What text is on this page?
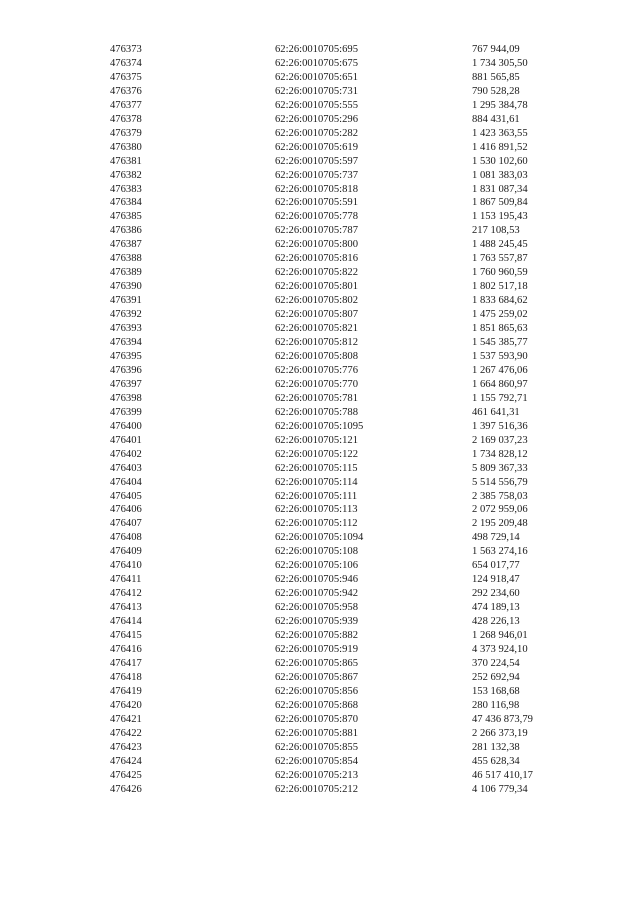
476373	62:26:0010705:695	767 944,09
476374	62:26:0010705:675	1 734 305,50
476375	62:26:0010705:651	881 565,85
476376	62:26:0010705:731	790 528,28
476377	62:26:0010705:555	1 295 384,78
476378	62:26:0010705:296	884 431,61
476379	62:26:0010705:282	1 423 363,55
476380	62:26:0010705:619	1 416 891,52
476381	62:26:0010705:597	1 530 102,60
476382	62:26:0010705:737	1 081 383,03
476383	62:26:0010705:818	1 831 087,34
476384	62:26:0010705:591	1 867 509,84
476385	62:26:0010705:778	1 153 195,43
476386	62:26:0010705:787	217 108,53
476387	62:26:0010705:800	1 488 245,45
476388	62:26:0010705:816	1 763 557,87
476389	62:26:0010705:822	1 760 960,59
476390	62:26:0010705:801	1 802 517,18
476391	62:26:0010705:802	1 833 684,62
476392	62:26:0010705:807	1 475 259,02
476393	62:26:0010705:821	1 851 865,63
476394	62:26:0010705:812	1 545 385,77
476395	62:26:0010705:808	1 537 593,90
476396	62:26:0010705:776	1 267 476,06
476397	62:26:0010705:770	1 664 860,97
476398	62:26:0010705:781	1 155 792,71
476399	62:26:0010705:788	461 641,31
476400	62:26:0010705:1095	1 397 516,36
476401	62:26:0010705:121	2 169 037,23
476402	62:26:0010705:122	1 734 828,12
476403	62:26:0010705:115	5 809 367,33
476404	62:26:0010705:114	5 514 556,79
476405	62:26:0010705:111	2 385 758,03
476406	62:26:0010705:113	2 072 959,06
476407	62:26:0010705:112	2 195 209,48
476408	62:26:0010705:1094	498 729,14
476409	62:26:0010705:108	1 563 274,16
476410	62:26:0010705:106	654 017,77
476411	62:26:0010705:946	124 918,47
476412	62:26:0010705:942	292 234,60
476413	62:26:0010705:958	474 189,13
476414	62:26:0010705:939	428 226,13
476415	62:26:0010705:882	1 268 946,01
476416	62:26:0010705:919	4 373 924,10
476417	62:26:0010705:865	370 224,54
476418	62:26:0010705:867	252 692,94
476419	62:26:0010705:856	153 168,68
476420	62:26:0010705:868	280 116,98
476421	62:26:0010705:870	47 436 873,79
476422	62:26:0010705:881	2 266 373,19
476423	62:26:0010705:855	281 132,38
476424	62:26:0010705:854	455 628,34
476425	62:26:0010705:213	46 517 410,17
476426	62:26:0010705:212	4 106 779,34
